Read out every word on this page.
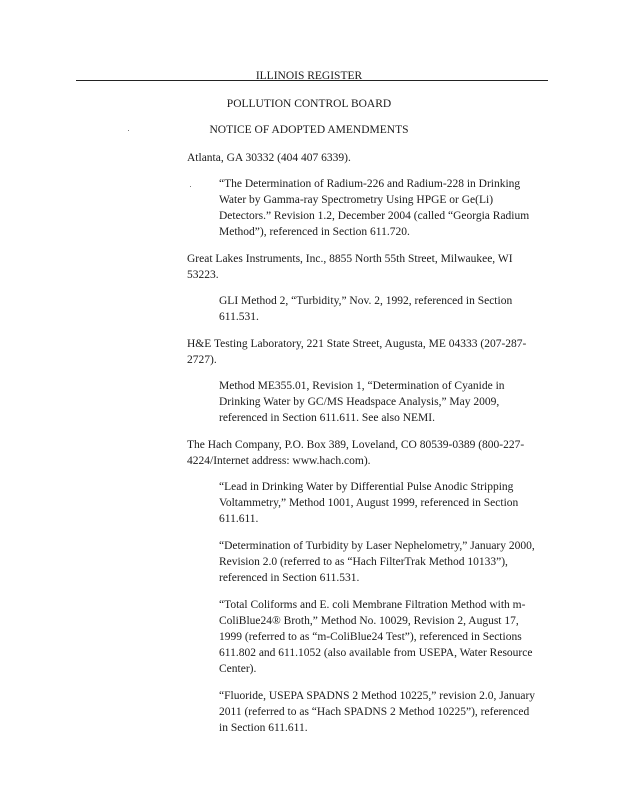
ILLINOIS REGISTER
POLLUTION CONTROL BOARD
NOTICE OF ADOPTED AMENDMENTS

Atlanta, GA 30332 (404 407 6339).

“The Determination of Radium-226 and Radium-228 in Drinking Water by Gamma-ray Spectrometry Using HPGE or Ge(Li) Detectors.” Revision 1.2, December 2004 (called “Georgia Radium Method”), referenced in Section 611.720.

Great Lakes Instruments, Inc., 8855 North 55th Street, Milwaukee, WI 53223.

GLI Method 2, “Turbidity,” Nov. 2, 1992, referenced in Section 611.531.

H&E Testing Laboratory, 221 State Street, Augusta, ME 04333 (207-287-2727).

Method ME355.01, Revision 1, “Determination of Cyanide in Drinking Water by GC/MS Headspace Analysis,” May 2009, referenced in Section 611.611. See also NEMI.

The Hach Company, P.O. Box 389, Loveland, CO 80539-0389 (800-227-4224/Internet address: www.hach.com).

“Lead in Drinking Water by Differential Pulse Anodic Stripping Voltammetry,” Method 1001, August 1999, referenced in Section 611.611.

“Determination of Turbidity by Laser Nephelometry,” January 2000, Revision 2.0 (referred to as “Hach FilterTrak Method 10133”), referenced in Section 611.531.

“Total Coliforms and E. coli Membrane Filtration Method with m-ColiBlue24® Broth,” Method No. 10029, Revision 2, August 17, 1999 (referred to as “m-ColiBlue24 Test”), referenced in Sections 611.802 and 611.1052 (also available from USEPA, Water Resource Center).

“Fluoride, USEPA SPADNS 2 Method 10225,” revision 2.0, January 2011 (referred to as “Hach SPADNS 2 Method 10225”), referenced in Section 611.611.
